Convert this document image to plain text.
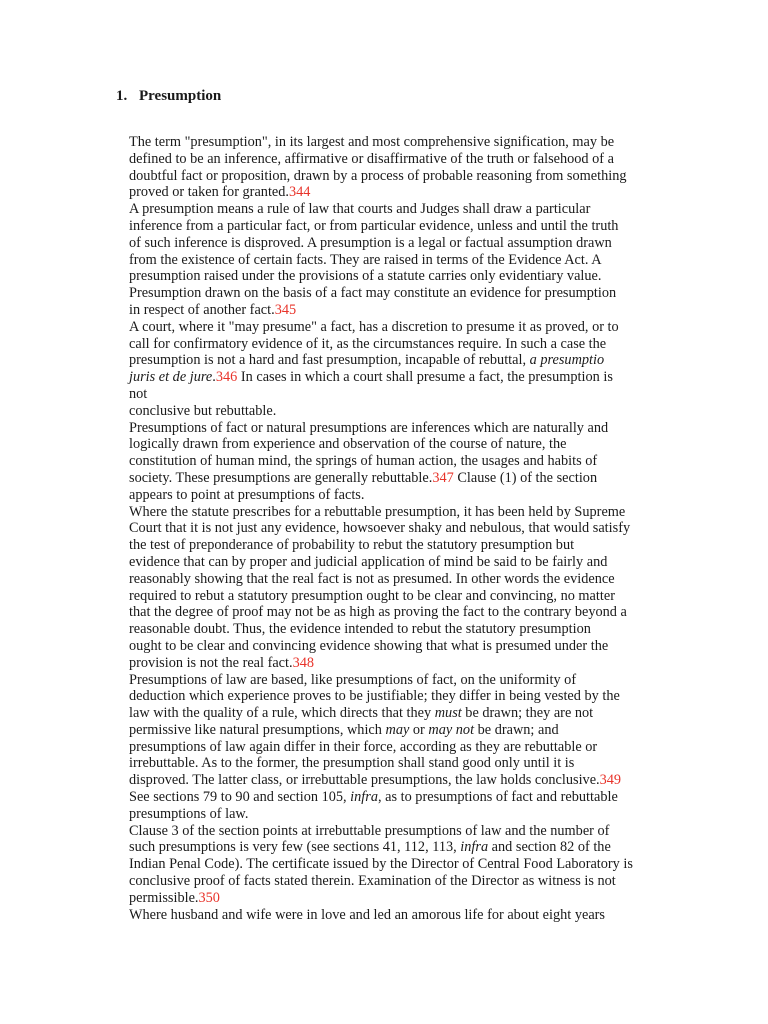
1. Presumption
The term "presumption", in its largest and most comprehensive signification, may be
defined to be an inference, affirmative or disaffirmative of the truth or falsehood of a
doubtful fact or proposition, drawn by a process of probable reasoning from something
proved or taken for granted.344
A presumption means a rule of law that courts and Judges shall draw a particular
inference from a particular fact, or from particular evidence, unless and until the truth
of such inference is disproved. A presumption is a legal or factual assumption drawn
from the existence of certain facts. They are raised in terms of the Evidence Act. A
presumption raised under the provisions of a statute carries only evidentiary value.
Presumption drawn on the basis of a fact may constitute an evidence for presumption
in respect of another fact.345
A court, where it "may presume" a fact, has a discretion to presume it as proved, or to
call for confirmatory evidence of it, as the circumstances require. In such a case the
presumption is not a hard and fast presumption, incapable of rebuttal, a presumptio
juris et de jure.346 In cases in which a court shall presume a fact, the presumption is
not
conclusive but rebuttable.
Presumptions of fact or natural presumptions are inferences which are naturally and
logically drawn from experience and observation of the course of nature, the
constitution of human mind, the springs of human action, the usages and habits of
society. These presumptions are generally rebuttable.347 Clause (1) of the section
appears to point at presumptions of facts.
Where the statute prescribes for a rebuttable presumption, it has been held by Supreme
Court that it is not just any evidence, howsoever shaky and nebulous, that would satisfy
the test of preponderance of probability to rebut the statutory presumption but
evidence that can by proper and judicial application of mind be said to be fairly and
reasonably showing that the real fact is not as presumed. In other words the evidence
required to rebut a statutory presumption ought to be clear and convincing, no matter
that the degree of proof may not be as high as proving the fact to the contrary beyond a
reasonable doubt. Thus, the evidence intended to rebut the statutory presumption
ought to be clear and convincing evidence showing that what is presumed under the
provision is not the real fact.348
Presumptions of law are based, like presumptions of fact, on the uniformity of
deduction which experience proves to be justifiable; they differ in being vested by the
law with the quality of a rule, which directs that they must be drawn; they are not
permissive like natural presumptions, which may or may not be drawn; and
presumptions of law again differ in their force, according as they are rebuttable or
irrebuttable. As to the former, the presumption shall stand good only until it is
disproved. The latter class, or irrebuttable presumptions, the law holds conclusive.349
See sections 79 to 90 and section 105, infra, as to presumptions of fact and rebuttable
presumptions of law.
Clause 3 of the section points at irrebuttable presumptions of law and the number of
such presumptions is very few (see sections 41, 112, 113, infra and section 82 of the
Indian Penal Code). The certificate issued by the Director of Central Food Laboratory is
conclusive proof of facts stated therein. Examination of the Director as witness is not
permissible.350
Where husband and wife were in love and led an amorous life for about eight years
